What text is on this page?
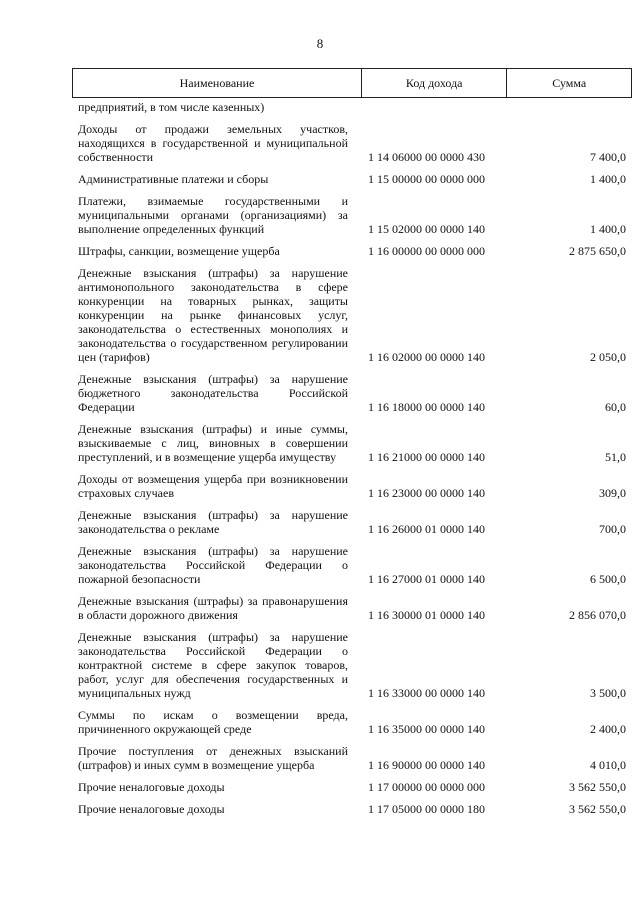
8
Наименование	Код дохода	Сумма
предприятий, в том числе казенных)
Доходы от продажи земельных участков, находящихся в государственной и муниципальной собственности	1 14 06000 00 0000 430	7 400,0
Административные платежи и сборы	1 15 00000 00 0000 000	1 400,0
Платежи, взимаемые государственными и муниципальными органами (организациями) за выполнение определенных функций	1 15 02000 00 0000 140	1 400,0
Штрафы, санкции, возмещение ущерба	1 16 00000 00 0000 000	2 875 650,0
Денежные взыскания (штрафы) за нарушение антимонопольного законодательства в сфере конкуренции на товарных рынках, защиты конкуренции на рынке финансовых услуг, законодательства о естественных монополиях и законодательства о государственном регулировании цен (тарифов)	1 16 02000 00 0000 140	2 050,0
Денежные взыскания (штрафы) за нарушение бюджетного законодательства Российской Федерации	1 16 18000 00 0000 140	60,0
Денежные взыскания (штрафы) и иные суммы, взыскиваемые с лиц, виновных в совершении преступлений, и в возмещение ущерба имуществу	1 16 21000 00 0000 140	51,0
Доходы от возмещения ущерба при возникновении страховых случаев	1 16 23000 00 0000 140	309,0
Денежные взыскания (штрафы) за нарушение законодательства о рекламе	1 16 26000 01 0000 140	700,0
Денежные взыскания (штрафы) за нарушение законодательства Российской Федерации о пожарной безопасности	1 16 27000 01 0000 140	6 500,0
Денежные взыскания (штрафы) за правонарушения в области дорожного движения	1 16 30000 01 0000 140	2 856 070,0
Денежные взыскания (штрафы) за нарушение законодательства Российской Федерации о контрактной системе в сфере закупок товаров, работ, услуг для обеспечения государственных и муниципальных нужд	1 16 33000 00 0000 140	3 500,0
Суммы по искам о возмещении вреда, причиненного окружающей среде	1 16 35000 00 0000 140	2 400,0
Прочие поступления от денежных взысканий (штрафов) и иных сумм в возмещение ущерба	1 16 90000 00 0000 140	4 010,0
Прочие неналоговые доходы	1 17 00000 00 0000 000	3 562 550,0
Прочие неналоговые доходы	1 17 05000 00 0000 180	3 562 550,0
